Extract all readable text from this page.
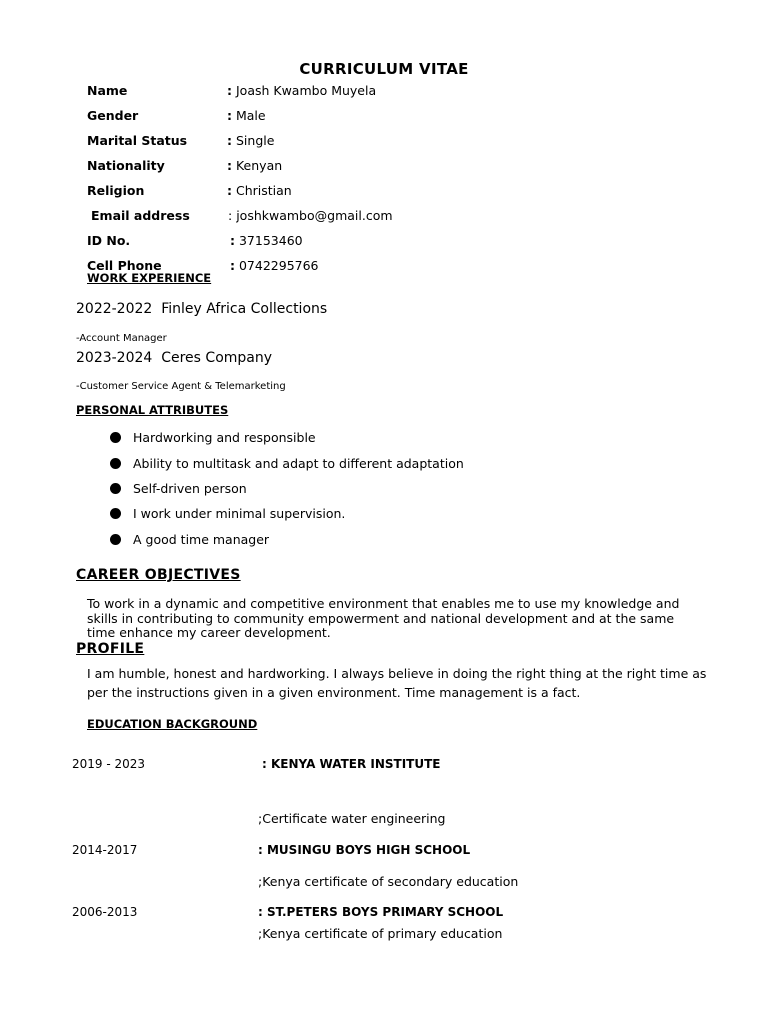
CURRICULUM VITAE
Name	: Joash Kwambo Muyela
Gender	: Male
Marital Status	: Single
Nationality	: Kenyan
Religion	: Christian
Email address	: joshkwambo@gmail.com
ID No.	: 37153460
Cell Phone	: 0742295766
WORK EXPERIENCE
2022-2022 Finley Africa Collections
-Account Manager
2023-2024 Ceres Company
-Customer Service Agent & Telemarketing
PERSONAL ATTRIBUTES
Hardworking and responsible
Ability to multitask and adapt to different adaptation
Self-driven person
I work under minimal supervision.
A good time manager
CAREER OBJECTIVES
To work in a dynamic and competitive environment that enables me to use my knowledge and skills in contributing to community empowerment and national development and at the same time enhance my career development.
PROFILE
I am humble, honest and hardworking. I always believe in doing the right thing at the right time as
per the instructions given in a given environment. Time management is a fact.
EDUCATION BACKGROUND
2019 - 2023	: KENYA WATER INSTITUTE
;Certificate water engineering
2014-2017	: MUSINGU BOYS HIGH SCHOOL
;Kenya certificate of secondary education
2006-2013	: ST.PETERS BOYS PRIMARY SCHOOL
;Kenya certificate of primary education
